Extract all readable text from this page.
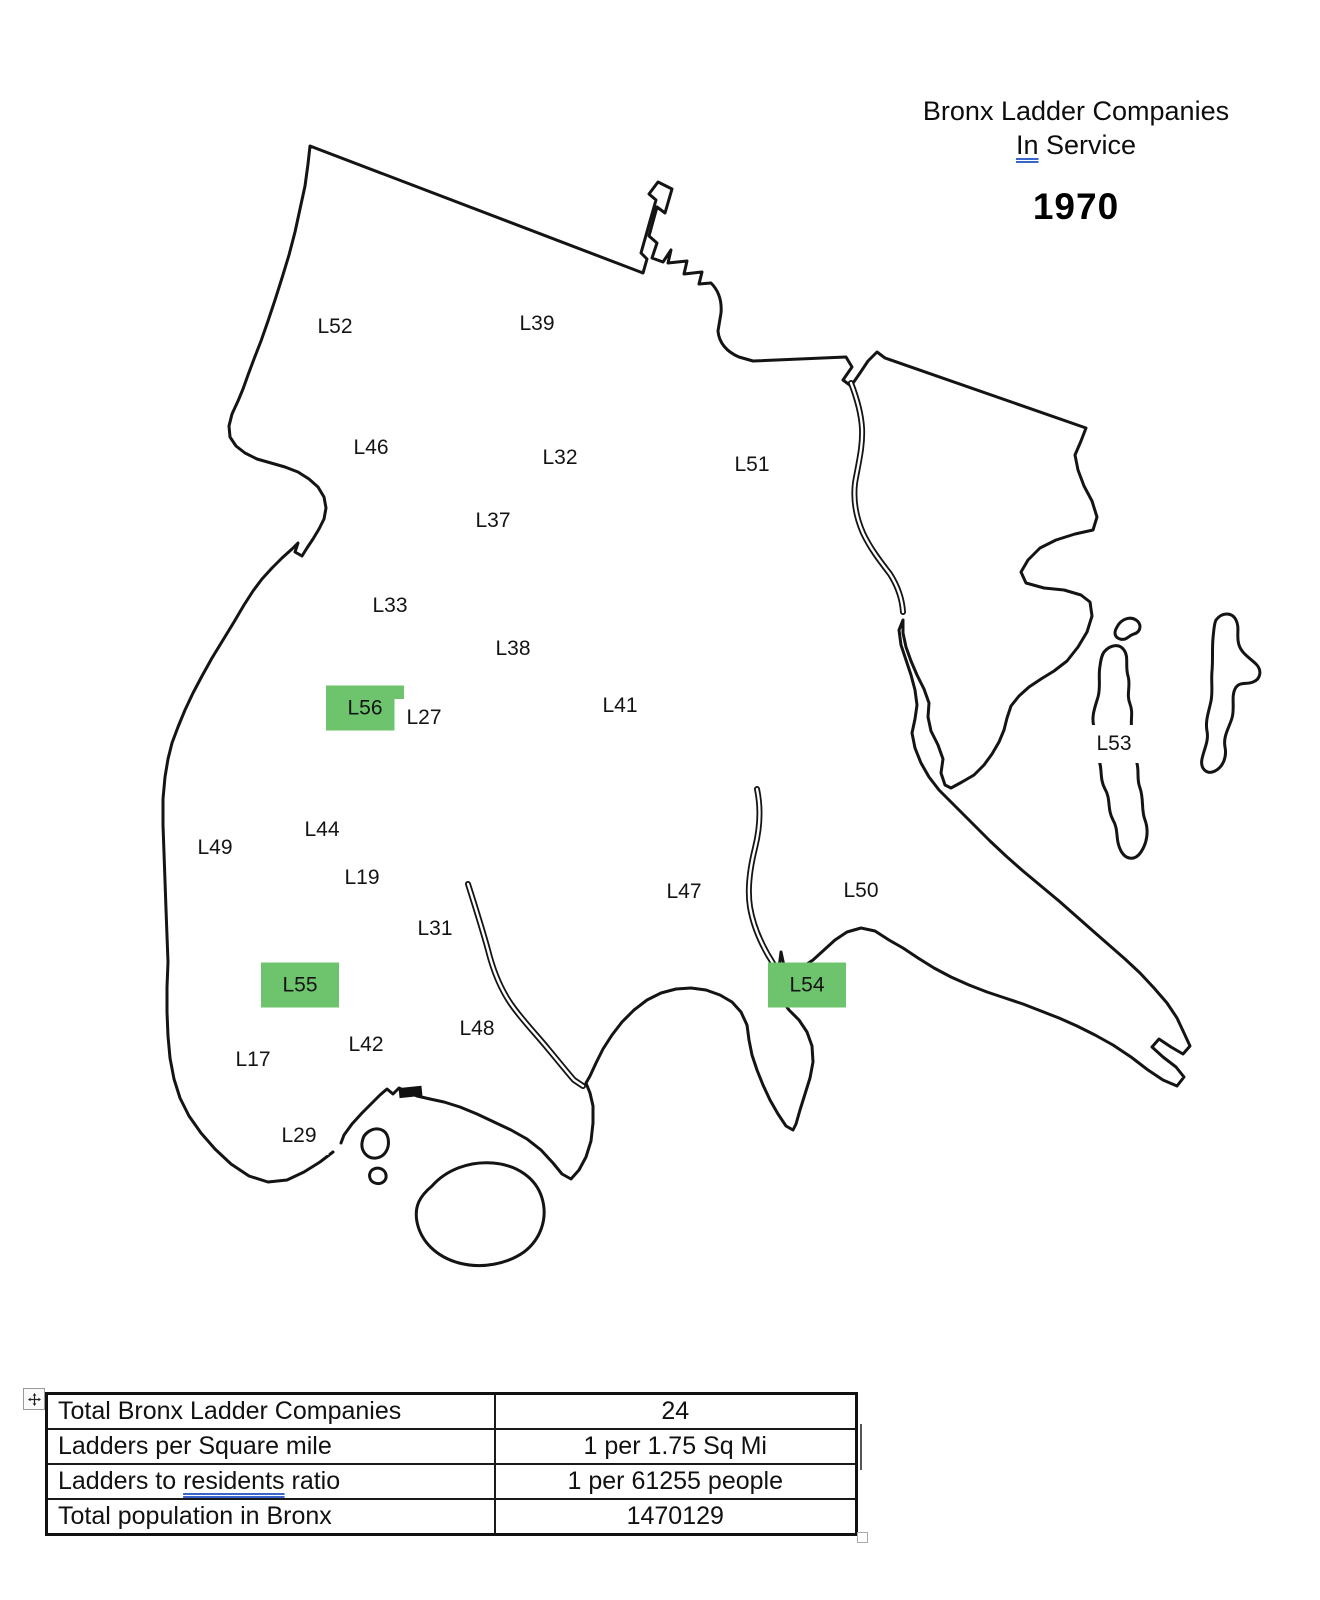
L52	L39
L46	L32	L51
L37
L33
L38
L56	L27
L41
L53
L44
L49
L19
L47	L50
L31
L55	L54
L48
L42
L17
L29
Bronx Ladder Companies
In Service
1970
Total Bronx Ladder Companies	24
Ladders per Square mile	1 per 1.75 Sq Mi
Ladders to residents ratio	1 per 61255 people
Total population in Bronx	1470129
